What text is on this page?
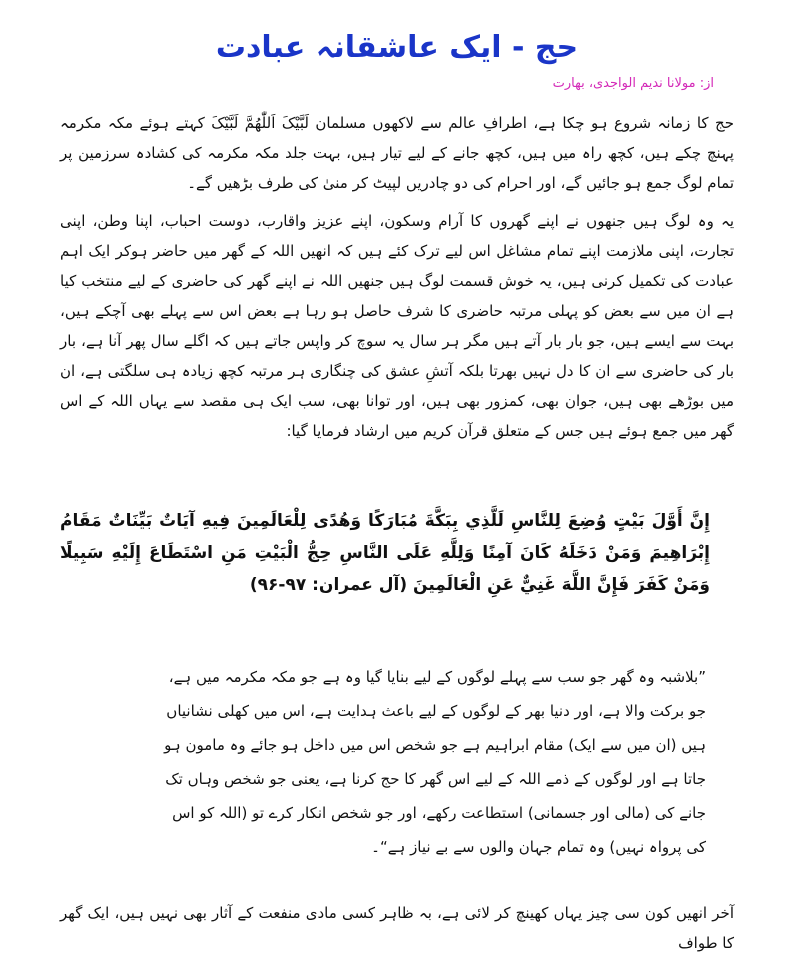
حج - ایک عاشقانہ عبادت
از: مولانا ندیم الواجدی، بھارت

حج کا زمانہ شروع ہو چکا ہے، اطرافِ عالم سے لاکھوں مسلمان لَبَّیْکَ اَللّٰھُمَّ لَبَّیْکَ کہتے ہوئے مکہ مکرمہ پہنچ چکے ہیں، کچھ راہ میں ہیں، کچھ جانے کے لیے تیار ہیں، بہت جلد مکہ مکرمہ کی کشادہ سرزمین پر تمام لوگ جمع ہو جائیں گے، اور احرام کی دو چادریں لپیٹ کر منیٰ کی طرف بڑھیں گے۔

یہ وہ لوگ ہیں جنھوں نے اپنے گھروں کا آرام وسکون، اپنے عزیز واقارب، دوست احباب، اپنا وطن، اپنی تجارت، اپنی ملازمت اپنے تمام مشاغل اس لیے ترک کئے ہیں کہ انھیں اللہ کے گھر میں حاضر ہوکر ایک اہم عبادت کی تکمیل کرنی ہیں، یہ خوش قسمت لوگ ہیں جنھیں اللہ نے اپنے گھر کی حاضری کے لیے منتخب کیا ہے ان میں سے بعض کو پہلی مرتبہ حاضری کا شرف حاصل ہو رہا ہے بعض اس سے پہلے بھی آچکے ہیں، بہت سے ایسے ہیں، جو بار بار آتے ہیں مگر ہر سال یہ سوچ کر واپس جاتے ہیں کہ اگلے سال پھر آنا ہے، بار بار کی حاضری سے ان کا دل نہیں بھرتا بلکہ آتشِ عشق کی چنگاری ہر مرتبہ کچھ زیادہ ہی سلگتی ہے، ان میں بوڑھے بھی ہیں، جوان بھی، کمزور بھی ہیں، اور توانا بھی، سب ایک ہی مقصد سے یہاں اللہ کے اس گھر میں جمع ہوئے ہیں جس کے متعلق قرآن کریم میں ارشاد فرمایا گیا:

إِنَّ أَوَّلَ بَيْتٍ وُضِعَ لِلنَّاسِ لَلَّذِي بِبَكَّةَ مُبَارَكًا وَهُدًى لِلْعَالَمِينَ فِيهِ آيَاتٌ بَيِّنَاتٌ مَقَامُ إِبْرَاهِيمَ وَمَنْ دَخَلَهُ كَانَ آمِنًا وَلِلَّهِ عَلَى النَّاسِ حِجُّ الْبَيْتِ مَنِ اسْتَطَاعَ إِلَيْهِ سَبِيلًا وَمَنْ كَفَرَ فَإِنَّ اللَّهَ غَنِيٌّ عَنِ الْعَالَمِينَ (آل عمران: ۹۷-۹۶)
”بلاشبہ وہ گھر جو سب سے پہلے لوگوں کے لیے بنایا گیا وہ ہے جو مکہ مکرمہ میں ہے، جو برکت والا ہے، اور دنیا بھر کے لوگوں کے لیے باعث ہدایت ہے، اس میں کھلی نشانیاں ہیں (ان میں سے ایک) مقام ابراہیم ہے جو شخص اس میں داخل ہو جائے وہ مامون ہو جاتا ہے اور لوگوں کے ذمے اللہ کے لیے اس گھر کا حج کرنا ہے، یعنی جو شخص وہاں تک جانے کی (مالی اور جسمانی) استطاعت رکھے، اور جو شخص انکار کرے تو (اللہ کو اس کی پرواہ نہیں) وہ تمام جہان والوں سے بے نیاز ہے“۔
آخر انھیں کون سی چیز یہاں کھینچ کر لائی ہے، بہ ظاہر کسی مادی منفعت کے آثار بھی نہیں ہیں، ایک گھر کا طواف
